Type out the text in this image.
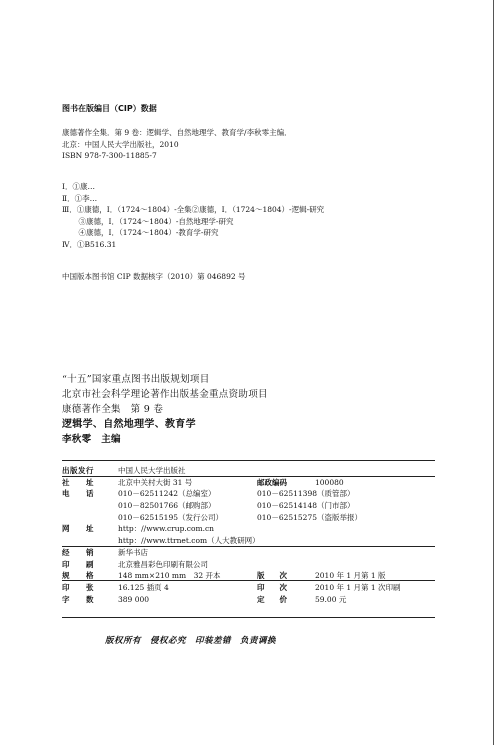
图书在版编目（CIP）数据
康德著作全集．第 9 卷：逻辑学、自然地理学、教育学/李秋零主编．
北京：中国人民大学出版社，2010
ISBN 978-7-300-11885-7
Ⅰ．①康…
Ⅱ．①李…
Ⅲ．①康德，Ⅰ．（1724～1804）-全集②康德，Ⅰ．（1724～1804）-逻辑-研究
　③康德，Ⅰ．（1724～1804）-自然地理学-研究
　④康德，Ⅰ．（1724～1804）-教育学-研究
Ⅳ．①B516.31
中国版本图书馆 CIP 数据核字（2010）第 046892 号
“十五”国家重点图书出版规划项目
北京市社会科学理论著作出版基金重点资助项目
康德著作全集　第 9 卷
逻辑学、自然地理学、教育学
李秋零　主编
出版发行	中国人民大学出版社
社　　址	北京中关村大街 31 号	邮政编码	100080
电　　话	010－62511242（总编室）	010－62511398（质管部）
010－82501766（邮购部）	010－62514148（门市部）
010－62515195（发行公司）	010－62515275（盗版举报）
网　　址	http：//www.crup.com.cn
http：//www.ttrnet.com（人大教研网）
经　　销	新华书店
印　　刷	北京雅昌彩色印刷有限公司
规　　格	148 mm×210 mm　32 开本	版　　次	2010 年 1 月第 1 版
印　　张	16.125 插页 4	印　　次	2010 年 1 月第 1 次印刷
字　　数	389 000	定　　价	59.00 元
版权所有　侵权必究　印装差错　负责调换
